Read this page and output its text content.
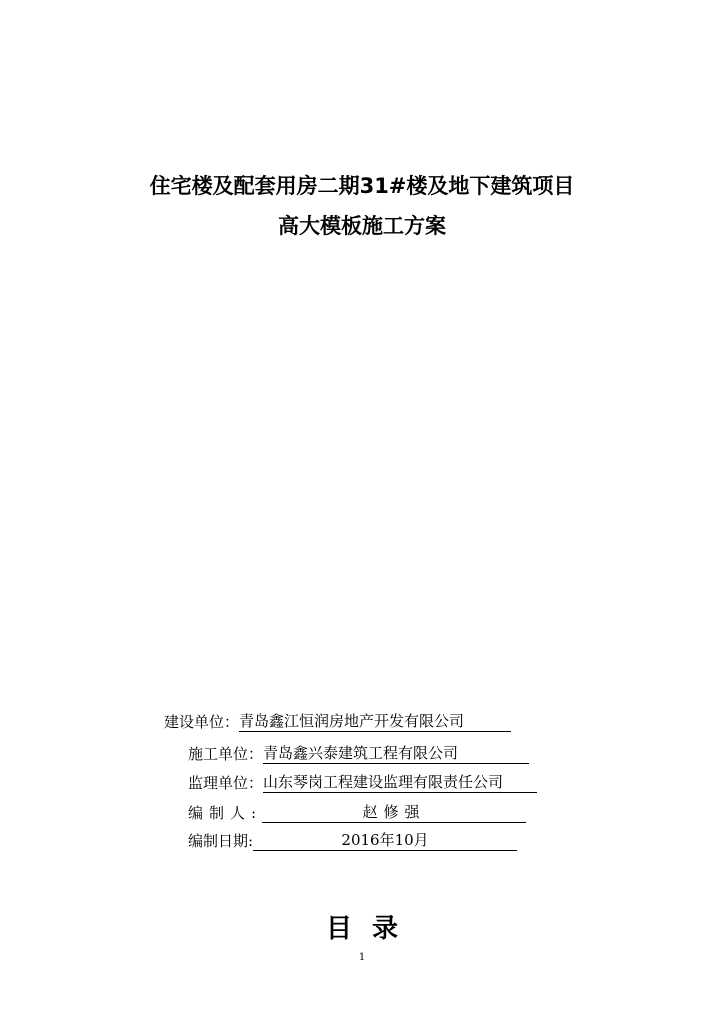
住宅楼及配套用房二期31#楼及地下建筑项目
高大模板施工方案
建设单位： 青岛鑫江恒润房地产开发有限公司
施工单位： 青岛鑫兴泰建筑工程有限公司
监理单位： 山东琴岗工程建设监理有限责任公司
编制人:	赵修强
编制日期:	2016年10月
目录
1
